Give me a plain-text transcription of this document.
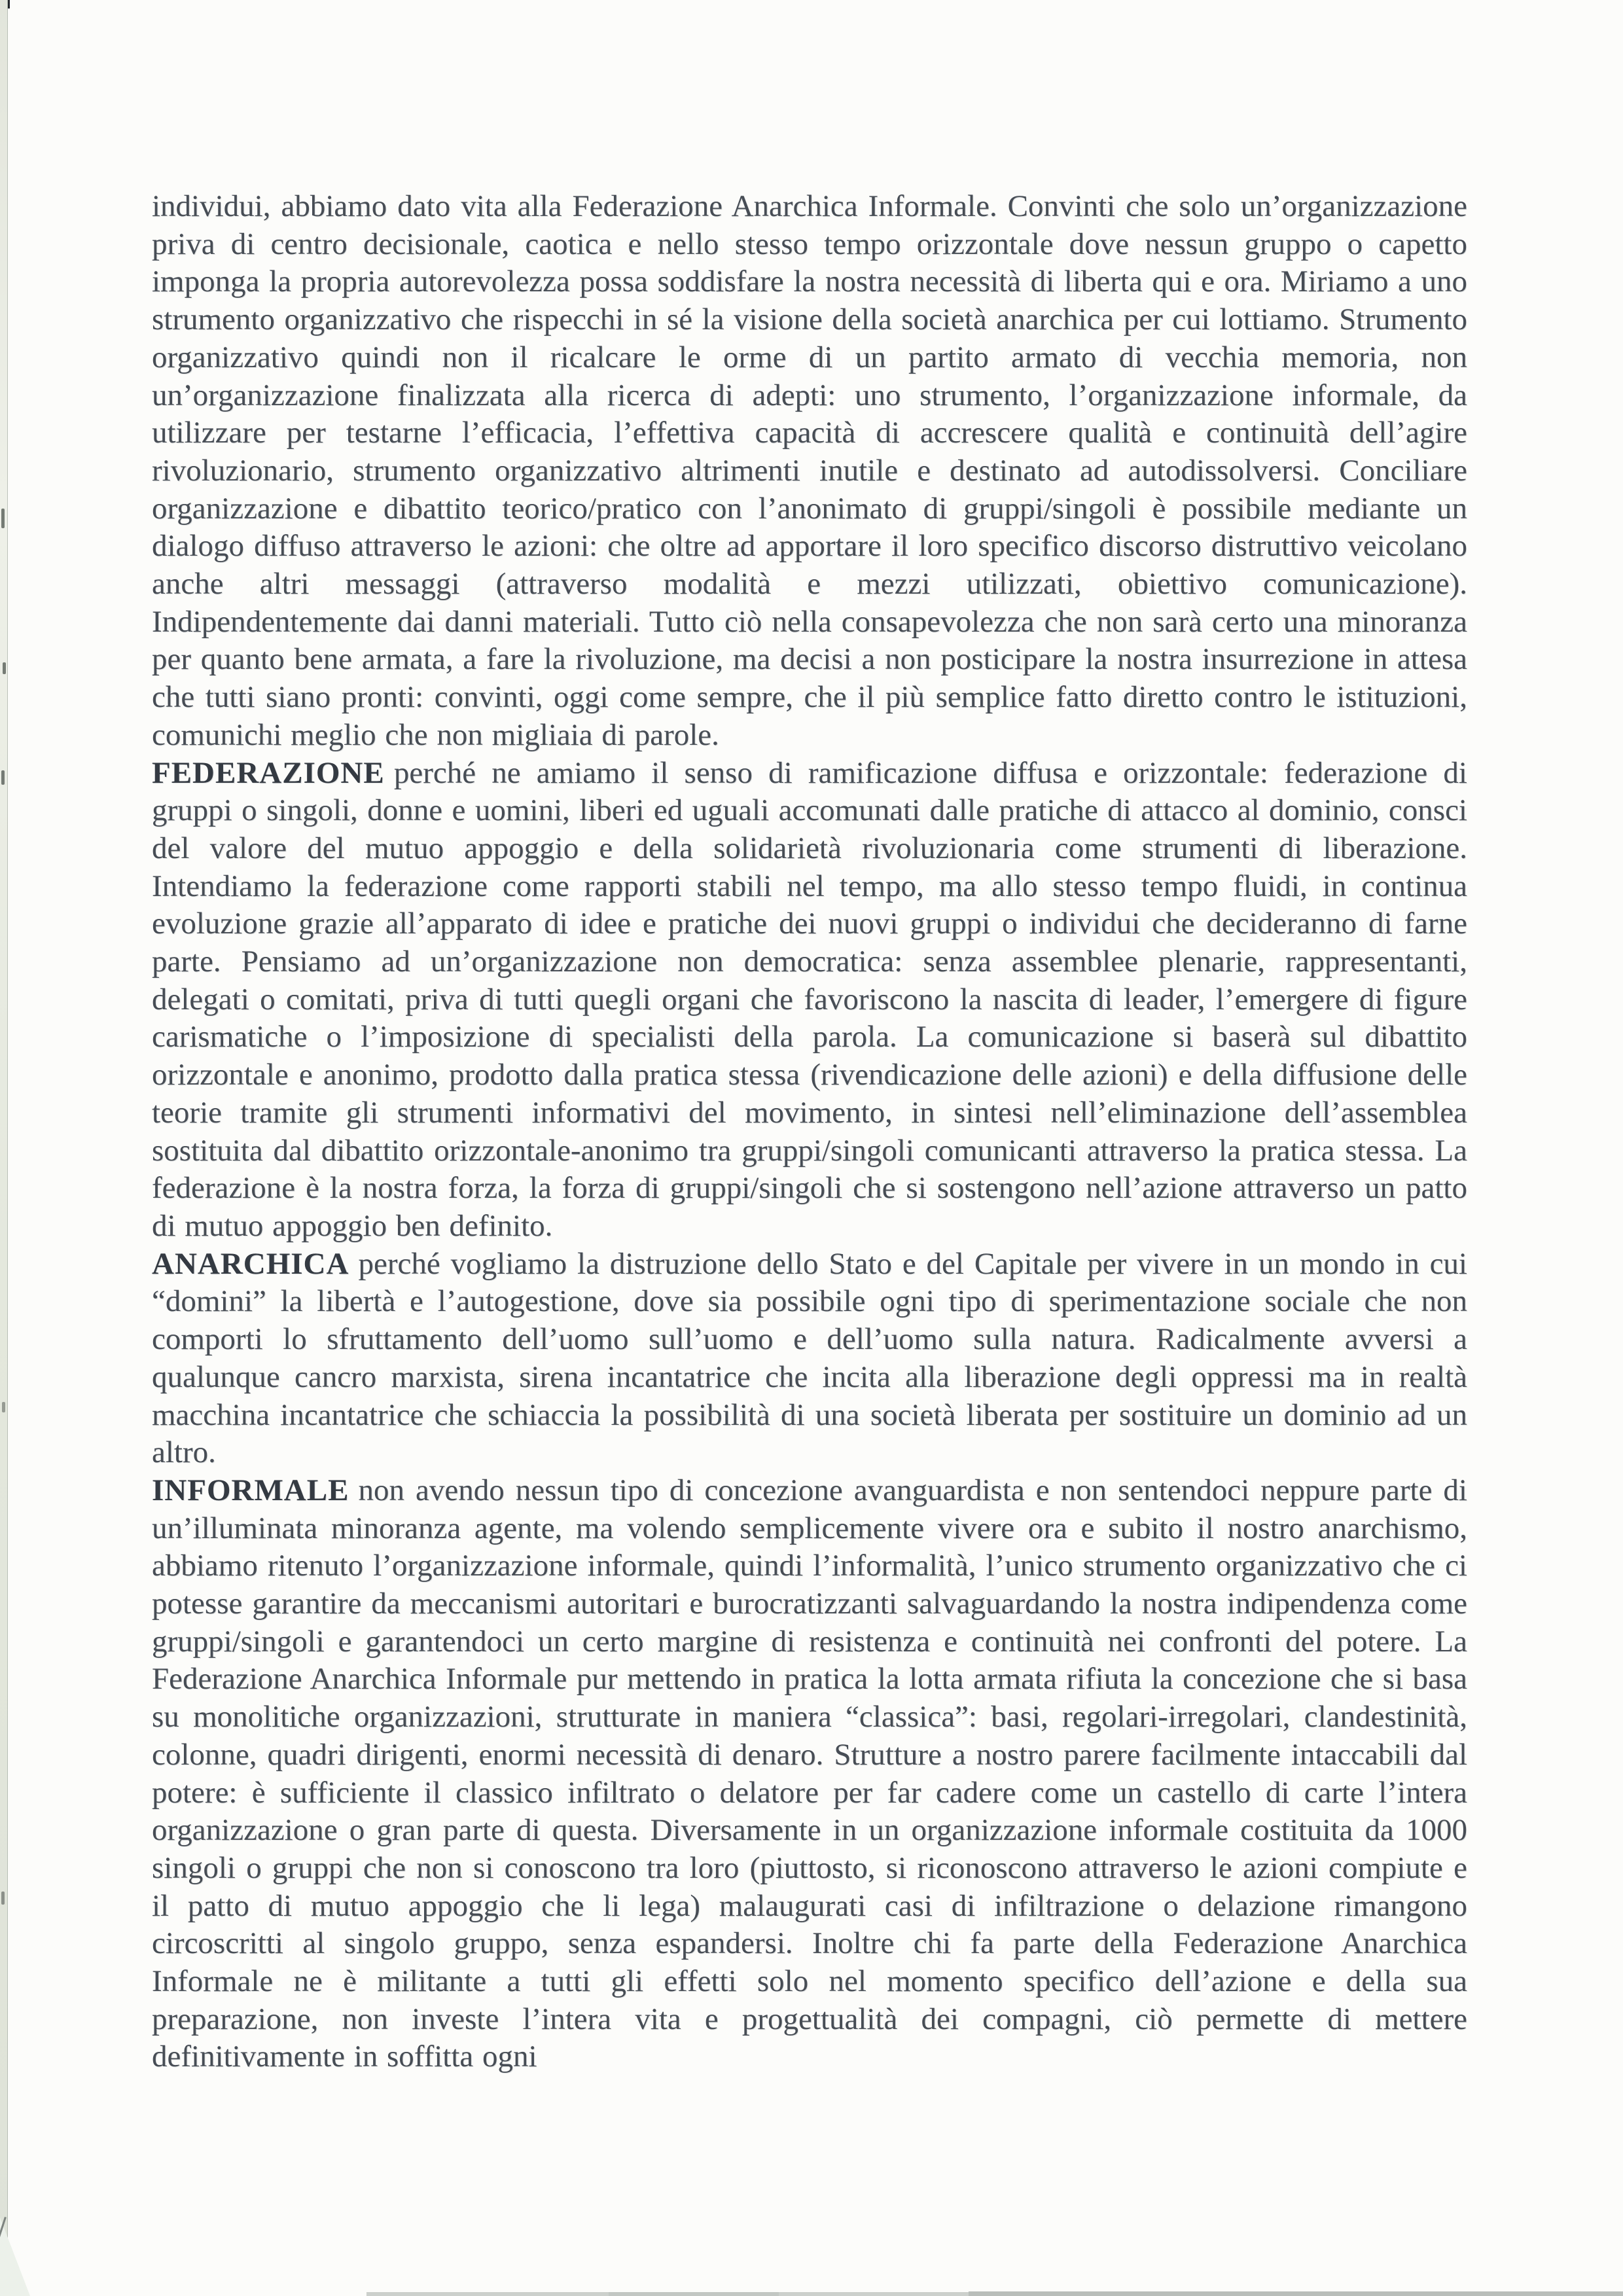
individui, abbiamo dato vita alla Federazione Anarchica Informale. Convinti che solo un’organizzazione priva di centro decisionale, caotica e nello stesso tempo orizzontale dove nessun gruppo o capetto imponga la propria autorevolezza possa soddisfare la nostra necessità di liberta qui e ora. Miriamo a uno strumento organizzativo che rispecchi in sé la visione della società anarchica per cui lottiamo. Strumento organizzativo quindi non il ricalcare le orme di un partito armato di vecchia memoria, non un’organizzazione finalizzata alla ricerca di adepti: uno strumento, l’organizzazione informale, da utilizzare per testarne l’efficacia, l’effettiva capacità di accrescere qualità e continuità dell’agire rivoluzionario, strumento organizzativo altrimenti inutile e destinato ad autodissolversi. Conciliare organizzazione e dibattito teorico/pratico con l’anonimato di gruppi/singoli è possibile mediante un dialogo diffuso attraverso le azioni: che oltre ad apportare il loro specifico discorso distruttivo veicolano anche altri messaggi (attraverso modalità e mezzi utilizzati, obiettivo comunicazione). Indipendentemente dai danni materiali. Tutto ciò nella consapevolezza che non sarà certo una minoranza per quanto bene armata, a fare la rivoluzione, ma decisi a non posticipare la nostra insurrezione in attesa che tutti siano pronti: convinti, oggi come sempre, che il più semplice fatto diretto contro le istituzioni, comunichi meglio che non migliaia di parole.

FEDERAZIONE perché ne amiamo il senso di ramificazione diffusa e orizzontale: federazione di gruppi o singoli, donne e uomini, liberi ed uguali accomunati dalle pratiche di attacco al dominio, consci del valore del mutuo appoggio e della solidarietà rivoluzionaria come strumenti di liberazione. Intendiamo la federazione come rapporti stabili nel tempo, ma allo stesso tempo fluidi, in continua evoluzione grazie all’apparato di idee e pratiche dei nuovi gruppi o individui che decideranno di farne parte. Pensiamo ad un’organizzazione non democratica: senza assemblee plenarie, rappresentanti, delegati o comitati, priva di tutti quegli organi che favoriscono la nascita di leader, l’emergere di figure carismatiche o l’imposizione di specialisti della parola. La comunicazione si baserà sul dibattito orizzontale e anonimo, prodotto dalla pratica stessa (rivendicazione delle azioni) e della diffusione delle teorie tramite gli strumenti informativi del movimento, in sintesi nell’eliminazione dell’assemblea sostituita dal dibattito orizzontale-anonimo tra gruppi/singoli comunicanti attraverso la pratica stessa. La federazione è la nostra forza, la forza di gruppi/singoli che si sostengono nell’azione attraverso un patto di mutuo appoggio ben definito.

ANARCHICA perché vogliamo la distruzione dello Stato e del Capitale per vivere in un mondo in cui “domini” la libertà e l’autogestione, dove sia possibile ogni tipo di sperimentazione sociale che non comporti lo sfruttamento dell’uomo sull’uomo e dell’uomo sulla natura. Radicalmente avversi a qualunque cancro marxista, sirena incantatrice che incita alla liberazione degli oppressi ma in realtà macchina incantatrice che schiaccia la possibilità di una società liberata per sostituire un dominio ad un altro.

INFORMALE non avendo nessun tipo di concezione avanguardista e non sentendoci neppure parte di un’illuminata minoranza agente, ma volendo semplicemente vivere ora e subito il nostro anarchismo, abbiamo ritenuto l’organizzazione informale, quindi l’informalità, l’unico strumento organizzativo che ci potesse garantire da meccanismi autoritari e burocratizzanti salvaguardando la nostra indipendenza come gruppi/singoli e garantendoci un certo margine di resistenza e continuità nei confronti del potere. La Federazione Anarchica Informale pur mettendo in pratica la lotta armata rifiuta la concezione che si basa su monolitiche organizzazioni, strutturate in maniera “classica”: basi, regolari-irregolari, clandestinità, colonne, quadri dirigenti, enormi necessità di denaro. Strutture a nostro parere facilmente intaccabili dal potere: è sufficiente il classico infiltrato o delatore per far cadere come un castello di carte l’intera organizzazione o gran parte di questa. Diversamente in un organizzazione informale costituita da 1000 singoli o gruppi che non si conoscono tra loro (piuttosto, si riconoscono attraverso le azioni compiute e il patto di mutuo appoggio che li lega) malaugurati casi di infiltrazione o delazione rimangono circoscritti al singolo gruppo, senza espandersi. Inoltre chi fa parte della Federazione Anarchica Informale ne è militante a tutti gli effetti solo nel momento specifico dell’azione e della sua preparazione, non investe l’intera vita e progettualità dei compagni, ciò permette di mettere definitivamente in soffitta ogni
